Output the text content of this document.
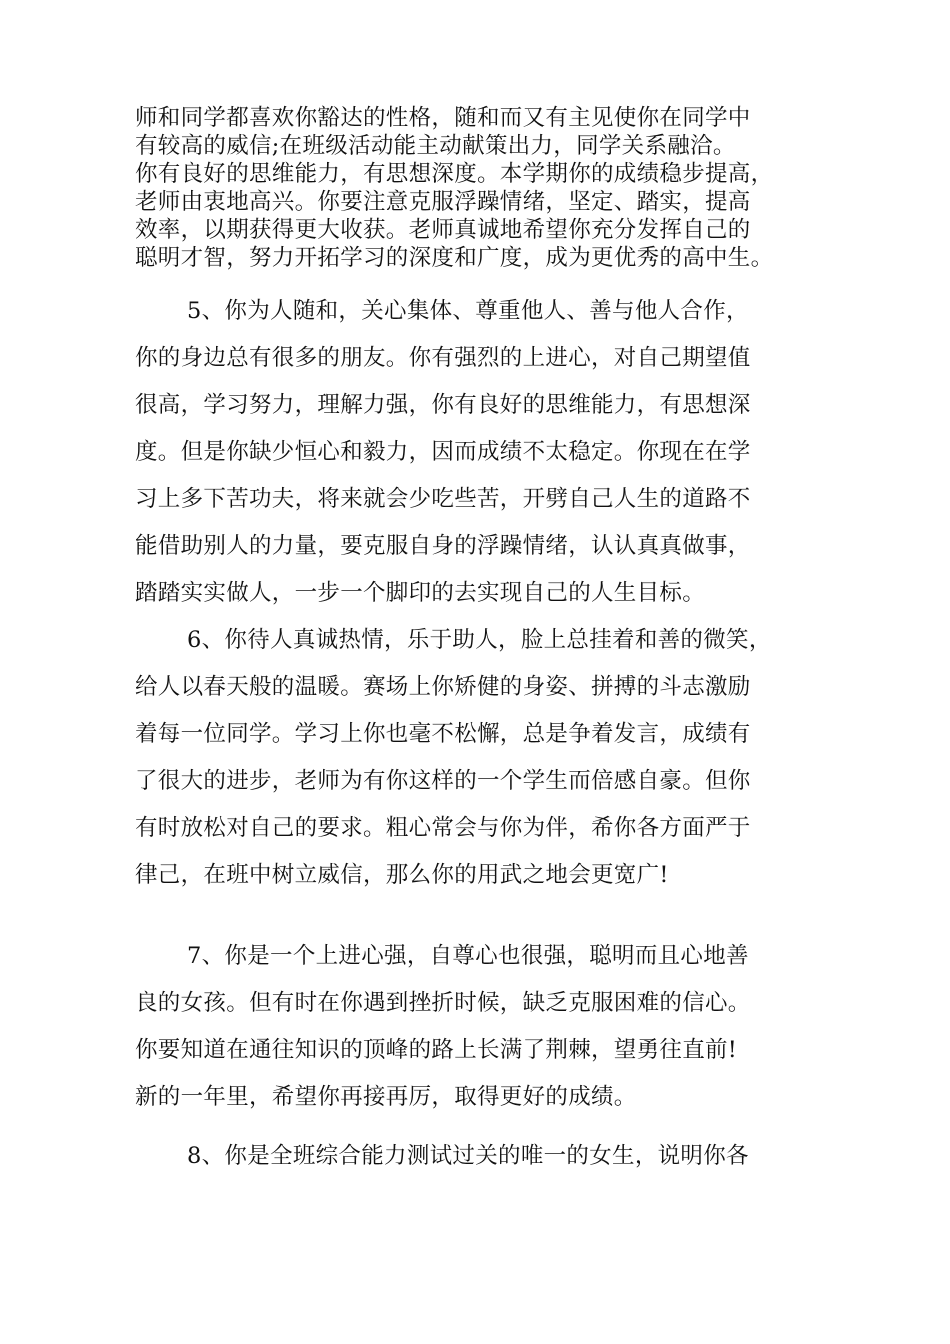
师和同学都喜欢你豁达的性格，随和而又有主见使你在同学中
有较高的威信;在班级活动能主动献策出力，同学关系融洽。
你有良好的思维能力，有思想深度。本学期你的成绩稳步提高，
老师由衷地高兴。你要注意克服浮躁情绪，坚定、踏实，提高
效率，以期获得更大收获。老师真诚地希望你充分发挥自己的
聪明才智，努力开拓学习的深度和广度，成为更优秀的高中生。
5、你为人随和，关心集体、尊重他人、善与他人合作，
你的身边总有很多的朋友。你有强烈的上进心，对自己期望值
很高，学习努力，理解力强，你有良好的思维能力，有思想深
度。但是你缺少恒心和毅力，因而成绩不太稳定。你现在在学
习上多下苦功夫，将来就会少吃些苦，开劈自己人生的道路不
能借助别人的力量，要克服自身的浮躁情绪，认认真真做事，
踏踏实实做人，一步一个脚印的去实现自己的人生目标。
6、你待人真诚热情，乐于助人，脸上总挂着和善的微笑，
给人以春天般的温暖。赛场上你矫健的身姿、拼搏的斗志激励
着每一位同学。学习上你也毫不松懈，总是争着发言，成绩有
了很大的进步，老师为有你这样的一个学生而倍感自豪。但你
有时放松对自己的要求。粗心常会与你为伴，希你各方面严于
律己，在班中树立威信，那么你的用武之地会更宽广!
7、你是一个上进心强，自尊心也很强，聪明而且心地善
良的女孩。但有时在你遇到挫折时候，缺乏克服困难的信心。
你要知道在通往知识的顶峰的路上长满了荆棘，望勇往直前!
新的一年里，希望你再接再厉，取得更好的成绩。
8、你是全班综合能力测试过关的唯一的女生，说明你各
